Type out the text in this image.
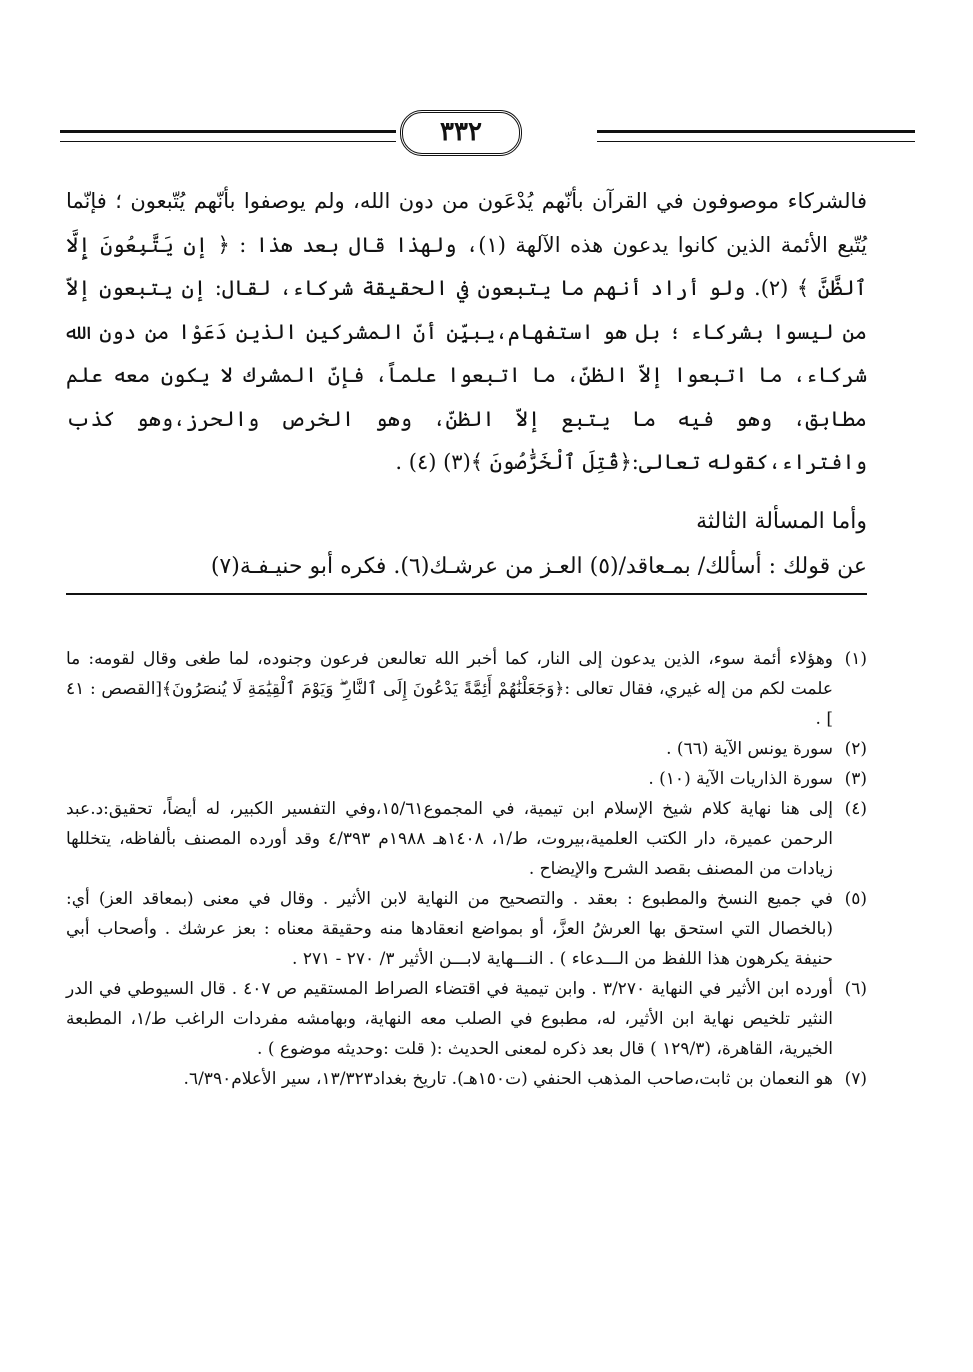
٣٣٢

فالشركاء موصوفون في القرآن بأنّهم يُدْعَون من دون الله، ولم يوصفوا بأنّهم يُتّبعون ؛ فإنّما يُتّبع الأئمة الذين كانوا يدعون هذه الآلهة (١)، ولهذا قال بعد هذا : ﴿ إن يَتَّبِعُونَ إِلَّا ٱلظَّنَّ ﴾ (٢). ولو أراد أنهم ما يتبعون في الحقيقة شركاء، لقال: إن يتبعون إلاّ من ليسوا بشركاء ؛ بل هو استفهام،يبيِّن أنّ المشركين الذين دَعَوْا من دون الله شركاء، ما اتبعوا إلاّ الظنّ، ما اتبعوا علماً، فإنّ المشرك لا يكون معه علم مطابق، وهو فيه ما يتبع إلاّ الظنّ، وهو الخرص والحرز،وهو كذب وافتراء،كقوله تعالى:﴿قُتِلَ ٱلْخَرَّٰصُونَ ﴾(٣) (٤) .

وأما المسألة الثالثة

عن قولك : أسألك/ بمـعاقد/(٥) العـز من عرشـك(٦). فكره أبو حنيـفـة(٧)

(١)
وهؤلاء أئمة سوء، الذين يدعون إلى النار، كما أخبر الله تعالىعن فرعون وجنوده، لما طغى وقال لقومه: ما علمت لكم من إله غيري، فقال تعالى :﴿وَجَعَلْنَٰهُمْ أَئِمَّةً يَدْعُونَ إِلَى ٱلنَّارِ ۖ وَيَوْمَ ٱلْقِيَٰمَةِ لَا يُنصَرُونَ﴾[القصص : ٤١ ] .
(٢)
سورة يونس الآية (٦٦) .
(٣)
سورة الذاريات الآية (١٠) .
(٤)
إلى هنا نهاية كلام شيخ الإسلام ابن تيمية، في المجموع١٥/٦١،وفي التفسير الكبير، له أيضاً، تحقيق:د.عبد الرحمن عميرة، دار الكتب العلمية،بيروت، ط/١، ١٤٠٨هـ ١٩٨٨م ٤/٣٩٣ وقد أورده المصنف بألفاظه، يتخللها زيادات من المصنف بقصد الشرح والإيضاح .
(٥)
في جميع النسخ والمطبوع : بعقد . والتصحيح من النهاية لابن الأثير . وقال في معنى (بمعاقد العز) أي: (بالخصال التي استحق بها العرشُ العزَّ، أو بمواضع انعقادها منه وحقيقة معناه : بعز عرشك . وأصحاب أبي حنيفة يكرهون هذا اللفظ من الـــدعاء ) . النـــهاية لابـــن الأثير ٣/ ٢٧٠ - ٢٧١ .
(٦)
أورده ابن الأثير في النهاية ٣/٢٧٠ . وابن تيمية في اقتضاء الصراط المستقيم ص ٤٠٧ . قال السيوطي في الدر النثير تلخيص نهاية ابن الأثير، له، مطبوع في الصلب معه النهاية، وبهامشه مفردات الراغب ط/١، المطبعة الخيرية، القاهرة، (١٢٩/٣ ) قال بعد ذكره لمعنى الحديث :( قلت :وحديثه موضوع ) .
(٧)
هو النعمان بن ثابت،صاحب المذهب الحنفي (ت١٥٠هـ). تاريخ بغداد١٣/٣٢٣، سير الأعلام٦/٣٩٠.
